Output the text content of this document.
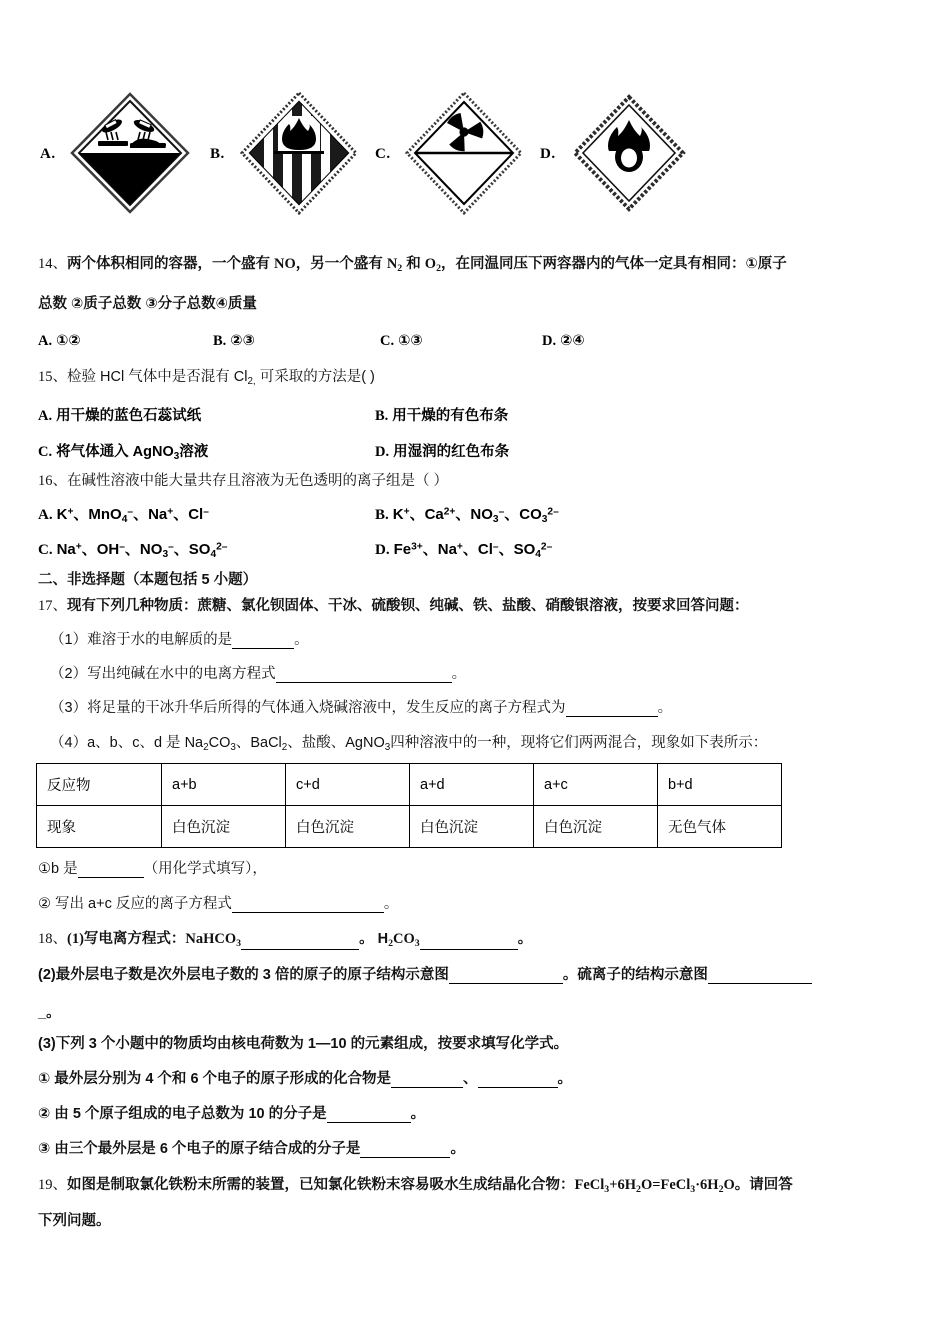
A.	B.	C.	D.
14、两个体积相同的容器，一个盛有 NO，另一个盛有 $N_2$ 和 $O_2$，在同温同压下两容器内的气体一定具有相同：①原子
总数 ②质子总数 ③分子总数④质量
A. ①②	B. ②③	C. ①③	D. ②④
15、检验 HCl 气体中是否混有 $Cl_{2,}$ 可采取的方法是( )
A. 用干燥的蓝色石蕊试纸	B. 用干燥的有色布条
C. 将气体通入 AgNO$_3$溶液	D. 用湿润的红色布条
16、在碱性溶液中能大量共存且溶液为无色透明的离子组是（ ）
A. K+、MnO$_4$–、Na+、Cl–	B. K+、$Ca^{2+}$、$NO_3^-$、$CO_3^{2-}$
C. Na+、OH–、$NO_3^-$、$SO_4^{2-}$	D. $Fe^{3+}$、Na+、Cl–、$SO_4^{2-}$
二、非选择题（本题包括 5 小题）
17、现有下列几种物质：蔗糖、氯化钡固体、干冰、硫酸钡、纯碱、铁、盐酸、硝酸银溶液，按要求回答问题：
（1）难溶于水的电解质的是	。
（2）写出纯碱在水中的电离方程式	。
（3）将足量的干冰升华后所得的气体通入烧碱溶液中，发生反应的离子方程式为	。
（4）a、b、c、d 是 $Na_2CO_3$、BaCl$_2$、盐酸、AgNO$_3$四种溶液中的一种，现将它们两两混合，现象如下表所示：
反应物	a+b	c+d	a+d	a+c	b+d
现象	白色沉淀	白色沉淀	白色沉淀	白色沉淀	无色气体
①b 是	（用化学式填写），
② 写出 a+c 反应的离子方程式	。
18、(1)写电离方程式：NaHCO$_3$	。 $H_2CO_3$	。
(2)最外层电子数是次外层电子数的 3 倍的原子的原子结构示意图	。硫离子的结构示意图
_。
(3)下列 3 个小题中的物质均由核电荷数为 1—10 的元素组成，按要求填写化学式。
① 最外层分别为 4 个和 6 个电子的原子形成的化合物是	、	。
② 由 5 个原子组成的电子总数为 10 的分子是	。
③ 由三个最外层是 6 个电子的原子结合成的分子是	。
19、如图是制取氯化铁粉末所需的装置，已知氯化铁粉末容易吸水生成结晶化合物：$FeCl_3+6H_2O=FeCl_3\cdot 6H_2O$。请回答
下列问题。
